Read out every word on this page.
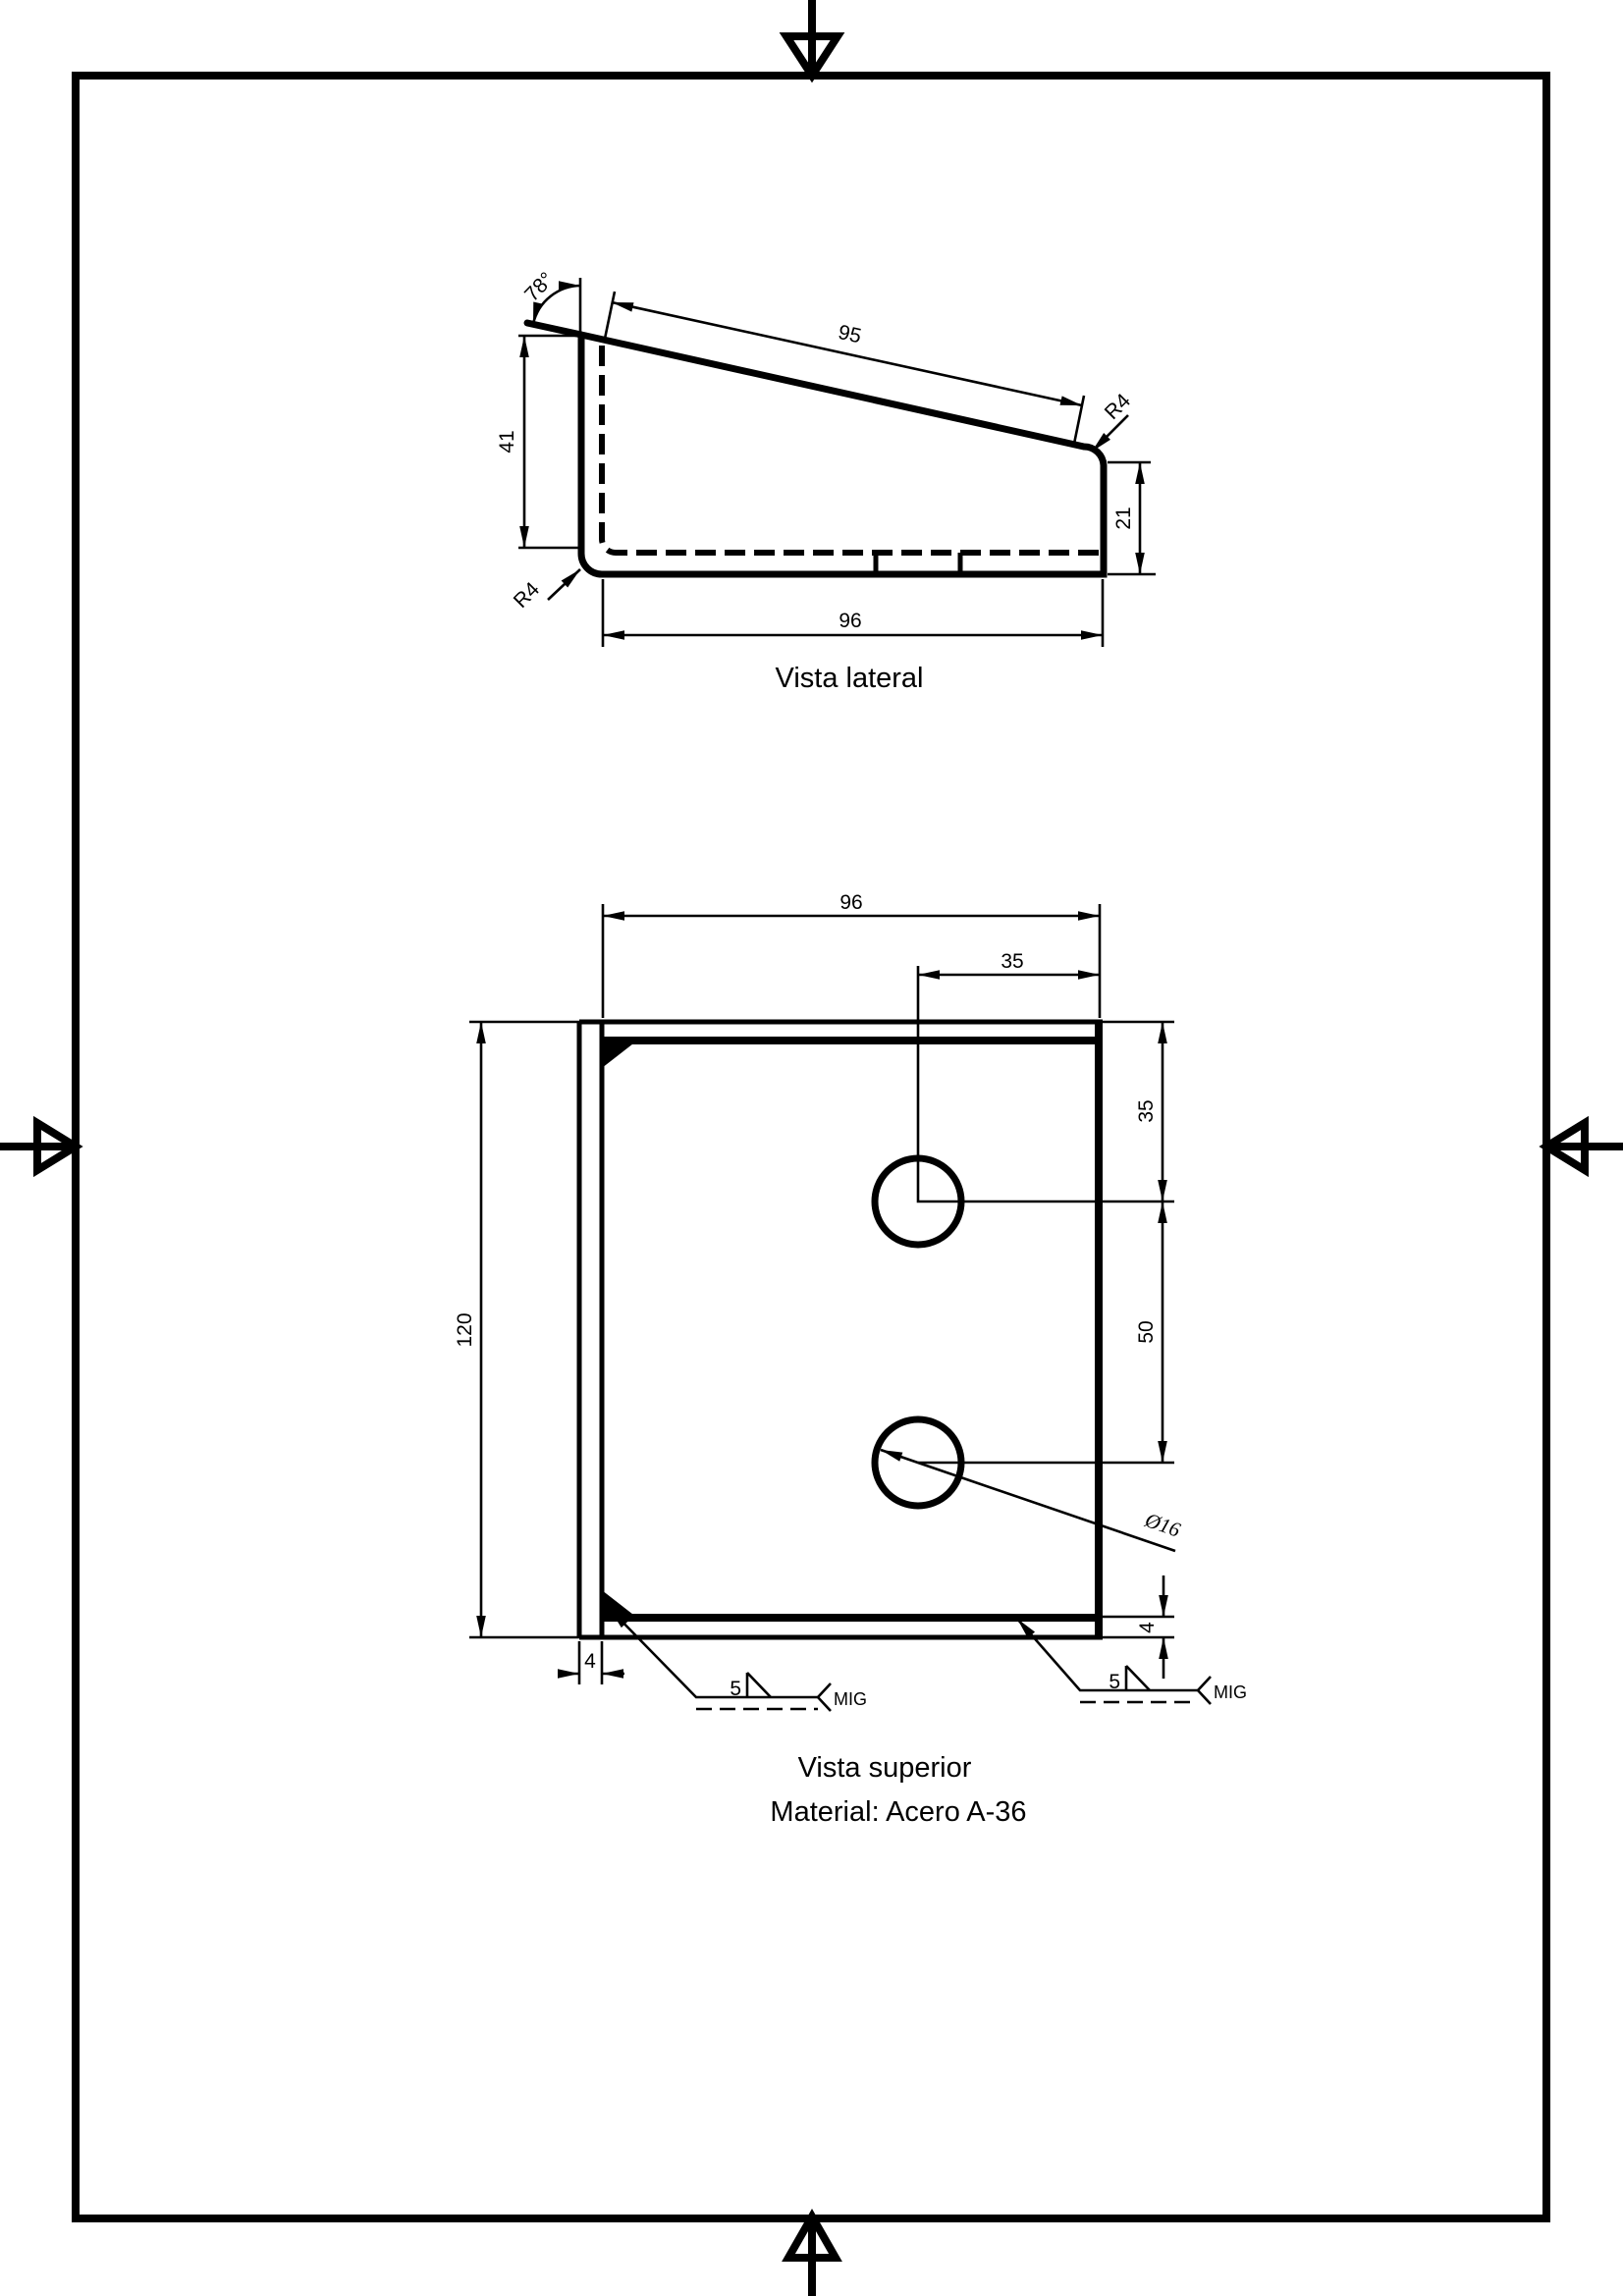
41
78°
95
R4
21
96
R4
Vista lateral
96
35
35
50
120
4
4
Ø16
5	MIG
5	MIG
Vista superior
Material: Acero A-36
